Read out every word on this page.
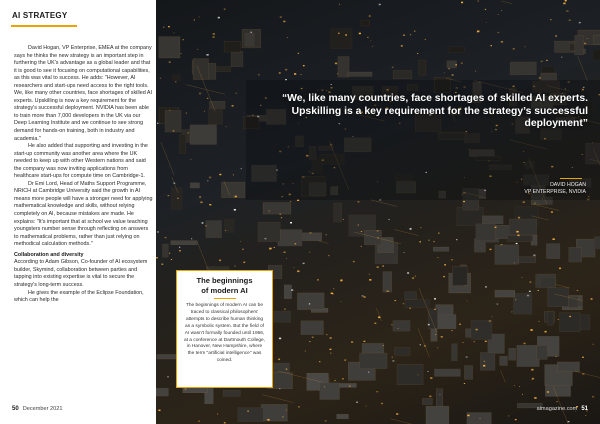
AI STRATEGY

David Hogan, VP Enterprise, EMEA at the company says he thinks the new strategy is an important step in furthering the UK's advantage as a global leader and that it is good to see it focusing on computational capabilities, as this was vital to success. He adds: "However, AI researchers and start-ups need access to the right tools. We, like many other countries, face shortages of skilled AI experts. Upskilling is now a key requirement for the strategy's successful deployment. NVIDIA has been able to train more than 7,000 developers in the UK via our Deep Learning Institute and we continue to see strong demand for hands-on training, both in industry and academia."

He also added that supporting and investing in the start-up community was another area where the UK needed to keep up with other Western nations and said the company was now inviting applications from healthcare start-ups for compute time on Cambridge-1.

Dr Emi Lord, Head of Maths Support Programme, NRICH at Cambridge University said the growth in AI means more people will have a stronger need for applying mathematical knowledge and skills, without relying completely on AI, because mistakes are made. He explains: "It's important that at school we value teaching youngsters number sense through reflecting on answers to mathematical problems, rather than just relying on methodical calculation methods."

Collaboration and diversity

According to Adam Gibson, Co-founder of AI ecosystem builder, Skymind, collaboration between parties and tapping into existing expertise is vital to secure the strategy's long-term success.

He gives the example of the Eclipse Foundation, which can help the

50 December 2021
“We, like many countries, face shortages of skilled AI experts. Upskilling is a key requirement for the strategy’s successful deployment”
DAVID HOGAN
VP ENTERPRISE, NVIDIA
The beginnings
of modern AI
The beginnings of modern AI can be traced to classical philosophers' attempts to describe human thinking as a symbolic system. But the field of AI wasn't formally founded until 1956, at a conference at Dartmouth College, in Hanover, New Hampshire, where the term "artificial intelligence" was coined.
aimagazine.com 51
